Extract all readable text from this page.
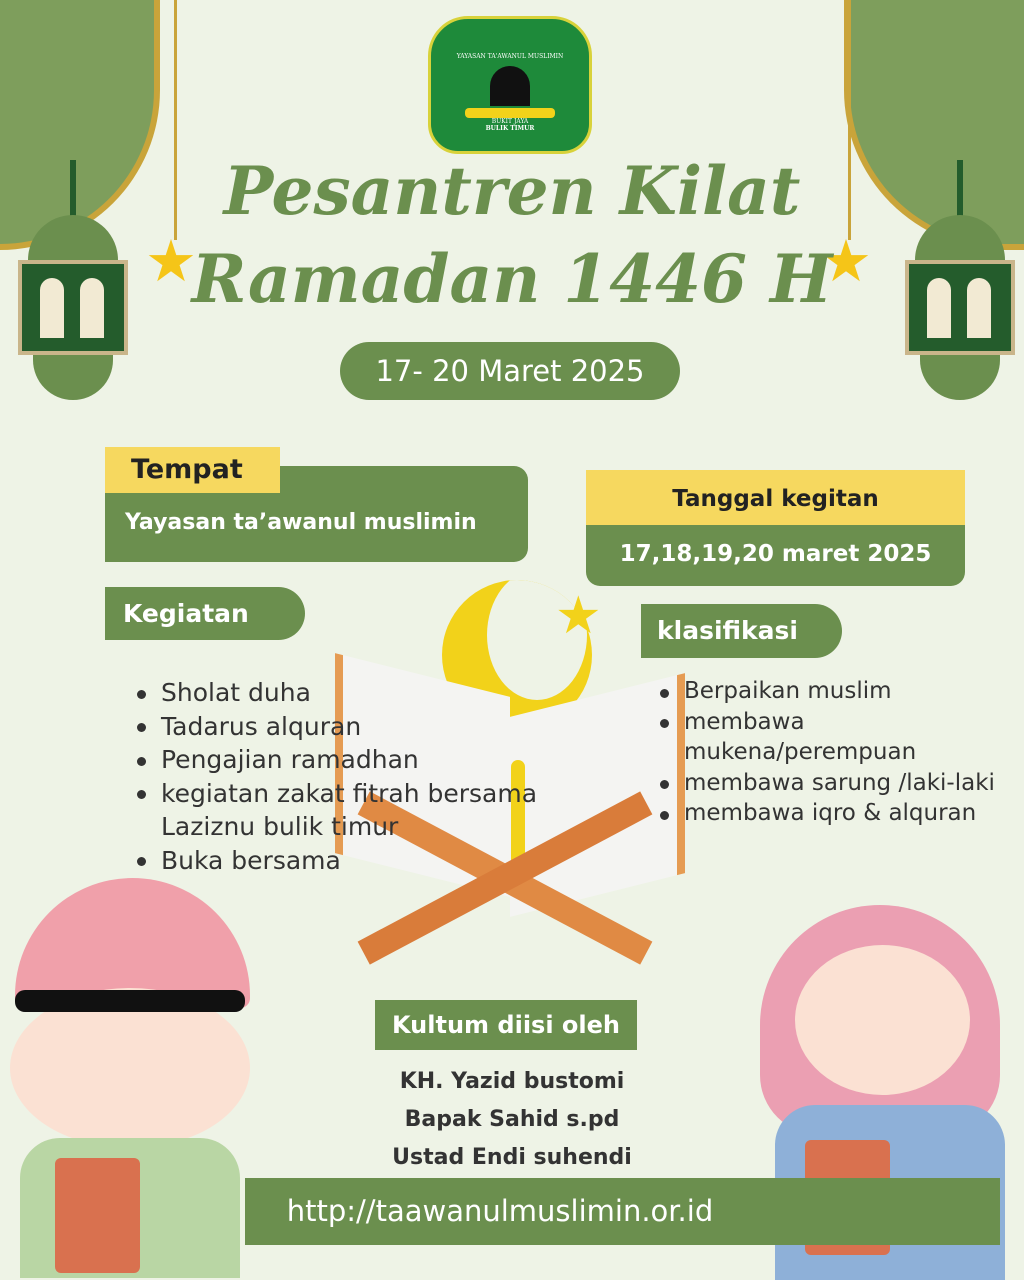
★	★
YAYASAN TA'AWANUL MUSLIMIN
BUKIT JAYA
BULIK TIMUR
Pesantren Kilat
Ramadan 1446 H
17- 20 Maret 2025
Yayasan ta’awanul muslimin
Tempat
Tanggal kegitan
17,18,19,20 maret 2025
Kegiatan
klasifikasi
★
Sholat duha
Tadarus alquran
Pengajian ramadhan
kegiatan zakat fitrah bersama Laziznu bulik timur
Buka bersama
Berpaikan muslim
membawa mukena/perempuan
membawa sarung /laki-laki
membawa iqro & alquran
Kultum diisi oleh
KH. Yazid bustomi
Bapak Sahid s.pd
Ustad Endi suhendi
http://taawanulmuslimin.or.id
